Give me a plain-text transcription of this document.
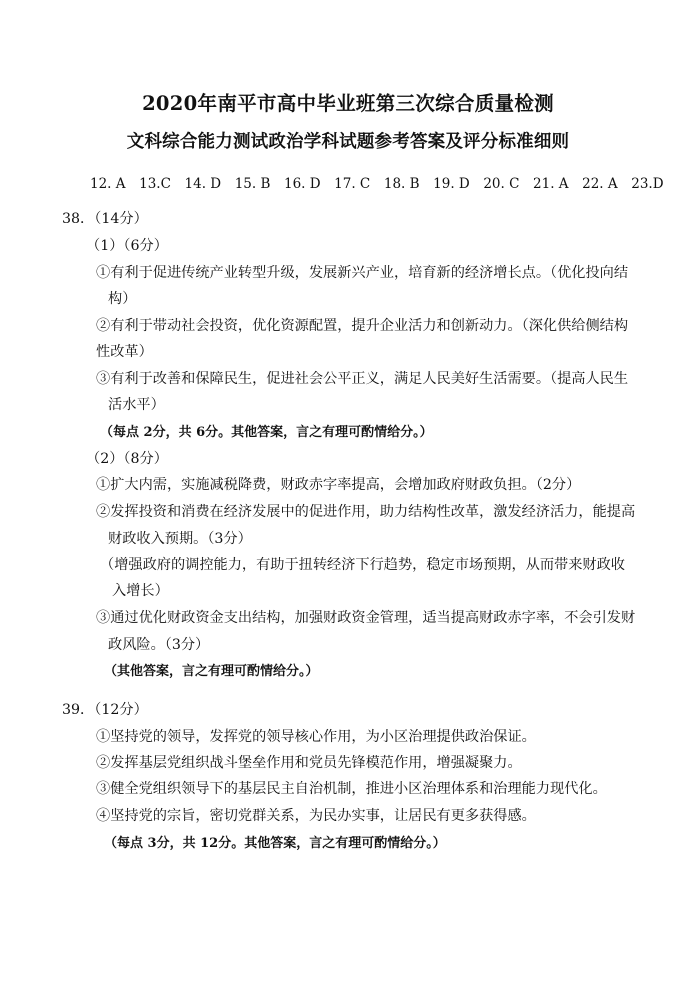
2020年南平市高中毕业班第三次综合质量检测
文科综合能力测试政治学科试题参考答案及评分标准细则
12. A 13.C 14. D 15. B 16. D 17. C 18. B 19. D 20. C 21. A 22. A 23.D
38．（14分）
（1）（6分）
①有利于促进传统产业转型升级，发展新兴产业，培育新的经济增长点。（优化投向结
构）
②有利于带动社会投资，优化资源配置，提升企业活力和创新动力。（深化供给侧结构
性改革）
③有利于改善和保障民生，促进社会公平正义，满足人民美好生活需要。（提高人民生
活水平）
（每点 2分，共 6分。其他答案，言之有理可酌情给分。）
（2）（8分）
①扩大内需，实施减税降费，财政赤字率提高，会增加政府财政负担。（2分）
②发挥投资和消费在经济发展中的促进作用，助力结构性改革，激发经济活力，能提高
财政收入预期。（3分）
（增强政府的调控能力，有助于扭转经济下行趋势，稳定市场预期，从而带来财政收
入增长）
③通过优化财政资金支出结构，加强财政资金管理，适当提高财政赤字率，不会引发财
政风险。（3分）
（其他答案，言之有理可酌情给分。）
39．（12分）
①坚持党的领导，发挥党的领导核心作用，为小区治理提供政治保证。
②发挥基层党组织战斗堡垒作用和党员先锋模范作用，增强凝聚力。
③健全党组织领导下的基层民主自治机制，推进小区治理体系和治理能力现代化。
④坚持党的宗旨，密切党群关系，为民办实事，让居民有更多获得感。
（每点 3分，共 12分。其他答案，言之有理可酌情给分。）
